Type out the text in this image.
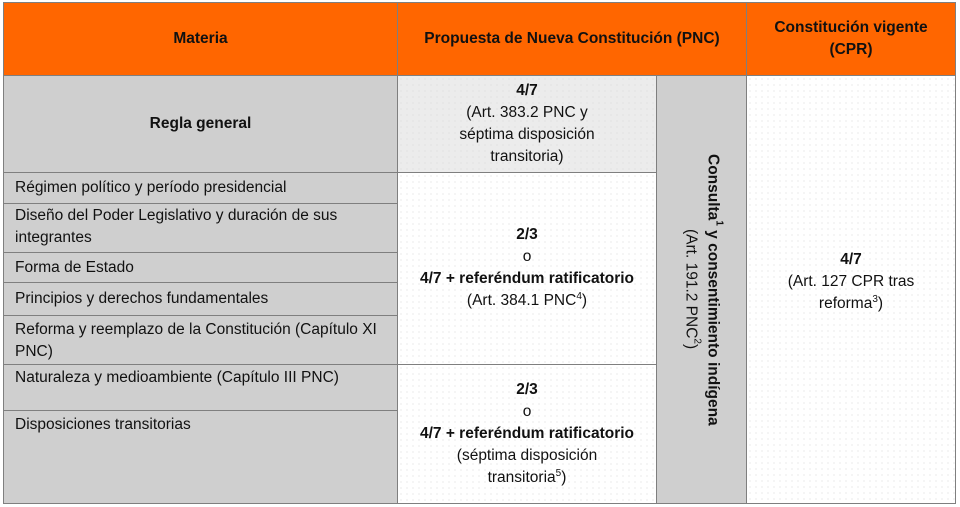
Materia	Propuesta de Nueva Constitución (PNC)
Constitución vigente
(CPR)
Regla general
4/7
(Art. 383.2 PNC y
séptima disposición
transitoria)
Régimen político y período presidencial
Diseño del Poder Legislativo y duración de sus integrantes
Forma de Estado
Principios y derechos fundamentales
Reforma y reemplazo de la Constitución (Capítulo XI PNC)
2/3
o
4/7 + referéndum ratificatorio
(Art. 384.1 PNC$^4$)
Naturaleza y medioambiente (Capítulo III PNC)
Disposiciones transitorias
2/3
o
4/7 + referéndum ratificatorio
(séptima disposición
transitoria$^5$)
Consulta$^1$ y consentimiento indígena
(Art. 191.2 PNC$^2$)
4/7
(Art. 127 CPR tras
reforma$^3$)
